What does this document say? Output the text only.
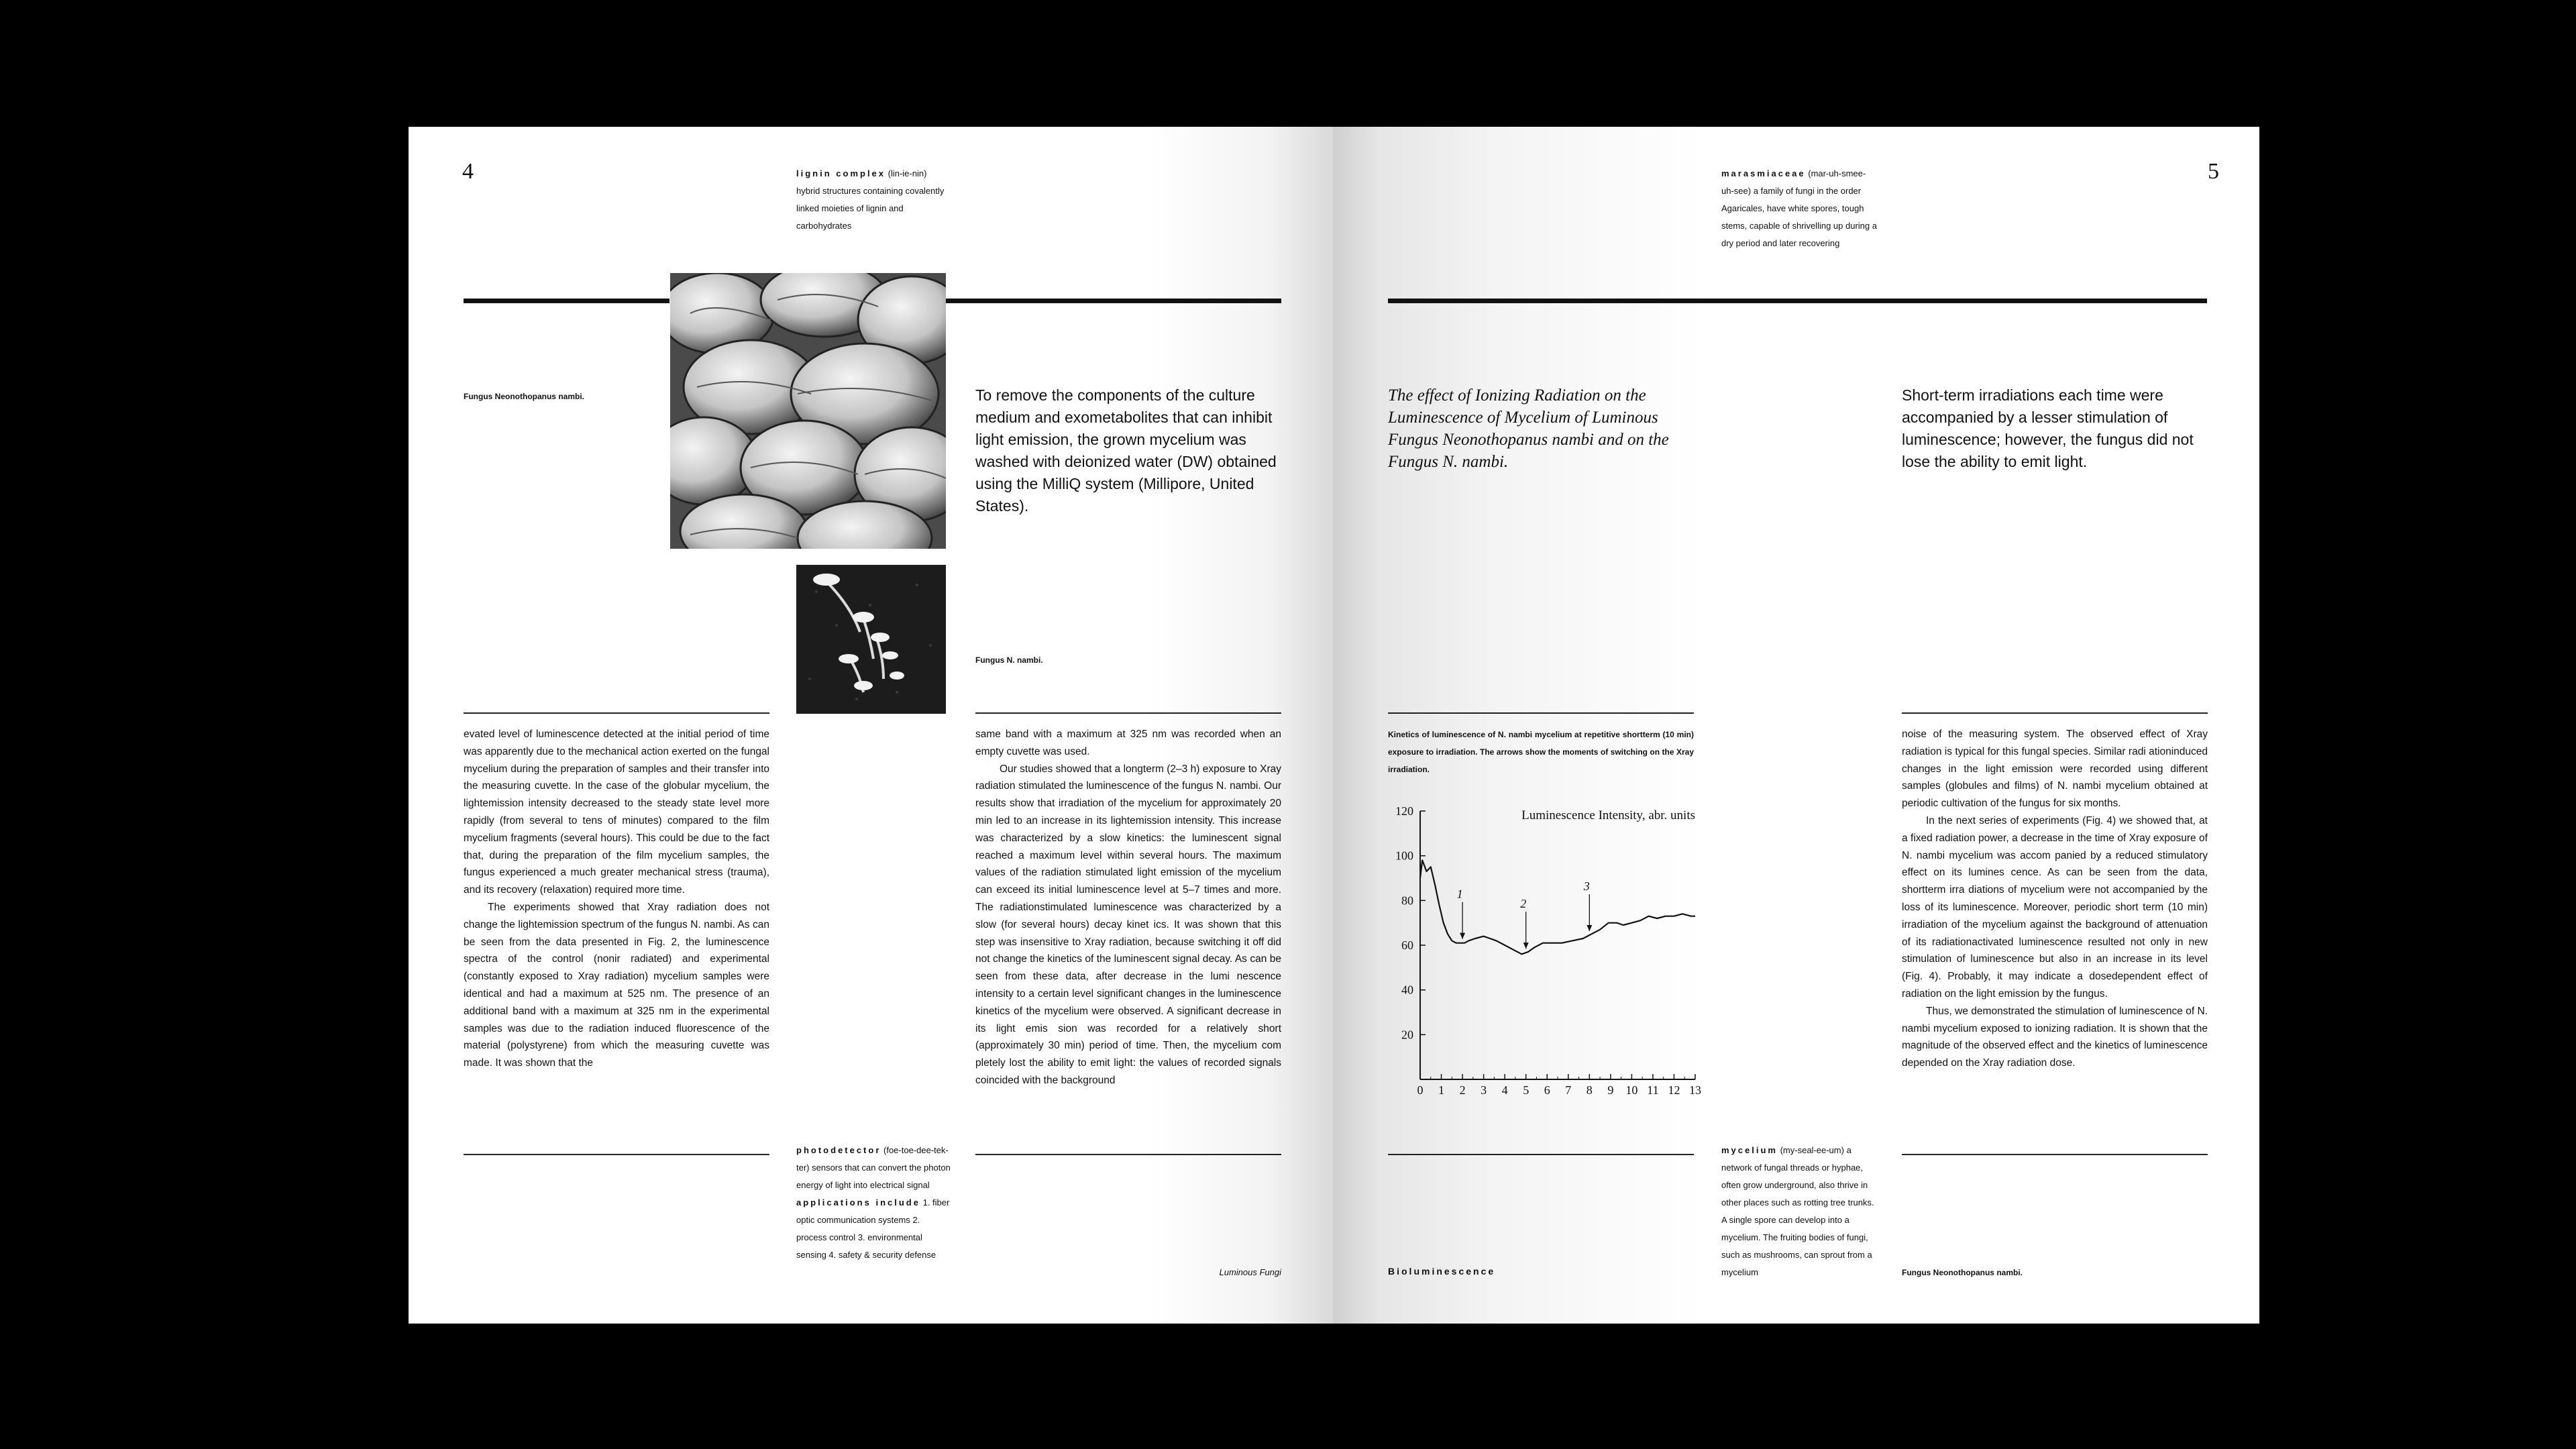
4	lignin complex (lin-ie-nin)
hybrid structures containing covalently linked moieties of lignin and carbohydrates
Fungus Neonothopanus nambi.	To remove the components of the culture medium and exometabolites that can inhibit light emission, the grown mycelium was washed with deionized water (DW) obtained using the MilliQ system (Millipore, United States).
Fungus N. nambi.

evated level of luminescence detected at the initial period of time was apparently due to the mechanical action exerted on the fungal mycelium during the preparation of samples and their transfer into the measuring cuvette. In the case of the globular mycelium, the lightemission intensity decreased to the steady state level more rapidly (from several to tens of minutes) compared to the film mycelium fragments (several hours). This could be due to the fact that, during the preparation of the film mycelium samples, the fungus experienced a much greater mechanical stress (trauma), and its recovery (relaxation) required more time.

The experiments showed that Xray radiation does not change the lightemission spectrum of the fungus N. nambi. As can be seen from the data presented in Fig. 2, the luminescence spectra of the control (nonir radiated) and experimental (constantly exposed to Xray radiation) mycelium samples were identical and had a maximum at 525 nm. The presence of an additional band with a maximum at 325 nm in the experimental samples was due to the radiation induced fluorescence of the material (polystyrene) from which the measuring cuvette was made. It was shown that the

same band with a maximum at 325 nm was recorded when an empty cuvette was used.

Our studies showed that a longterm (2–3 h) exposure to Xray radiation stimulated the luminescence of the fungus N. nambi. Our results show that irradiation of the mycelium for approximately 20 min led to an increase in its lightemission intensity. This increase was characterized by a slow kinetics: the luminescent signal reached a maximum level within several hours. The maximum values of the radiation stimulated light emission of the mycelium can exceed its initial luminescence level at 5–7 times and more. The radiationstimulated luminescence was characterized by a slow (for several hours) decay kinet ics. It was shown that this step was insensitive to Xray radiation, because switching it off did not change the kinetics of the luminescent signal decay. As can be seen from these data, after decrease in the lumi nescence intensity to a certain level significant changes in the luminescence kinetics of the mycelium were observed. A significant decrease in its light emis sion was recorded for a relatively short (approximately 30 min) period of time. Then, the mycelium com pletely lost the ability to emit light: the values of recorded signals coincided with the background

photodetector (foe-toe-dee-tek-ter) sensors that can convert the photon energy of light into electrical signal applications include 1. fiber optic communication systems 2. process control 3. environmental sensing 4. safety & security defense
Luminous Fungi
5
marasmiaceae (mar-uh-smee-uh-see) a family of fungi in the order Agaricales, have white spores, tough stems, capable of shrivelling up during a dry period and later recovering
The effect of Ionizing Radiation on the Luminescence of Mycelium of Luminous Fungus Neonothopanus nambi and on the Fungus N. nambi.
Short-term irradiations each time were accompanied by a lesser stimulation of luminescence; however, the fungus did not lose the ability to emit light.
Kinetics of luminescence of N. nambi mycelium at repetitive shortterm (10 min) exposure to irradiation. The arrows show the moments of switching on the Xray irradiation.
0 1 2 3 4 5 6 7 8 9 10 11 12 13
20
40
60
80
100
120	Luminescence Intensity, abr. units
1
2
3

noise of the measuring system. The observed effect of Xray radiation is typical for this fungal species. Similar radi ationinduced changes in the light emission were recorded using different samples (globules and films) of N. nambi mycelium obtained at periodic cultivation of the fungus for six months.

In the next series of experiments (Fig. 4) we showed that, at a fixed radiation power, a decrease in the time of Xray exposure of N. nambi mycelium was accom panied by a reduced stimulatory effect on its lumines cence. As can be seen from the data, shortterm irra diations of mycelium were not accompanied by the loss of its luminescence. Moreover, periodic short term (10 min) irradiation of the mycelium against the background of attenuation of its radiationactivated luminescence resulted not only in new stimulation of luminescence but also in an increase in its level (Fig. 4). Probably, it may indicate a dosedependent effect of radiation on the light emission by the fungus.

Thus, we demonstrated the stimulation of luminescence of N. nambi mycelium exposed to ionizing radiation. It is shown that the magnitude of the observed effect and the kinetics of luminescence depended on the Xray radiation dose.

mycelium (my-seal-ee-um) a network of fungal threads or hyphae, often grow underground, also thrive in other places such as rotting tree trunks. A single spore can develop into a mycelium. The fruiting bodies of fungi, such as mushrooms, can sprout from a mycelium
Bioluminescence	Fungus Neonothopanus nambi.
